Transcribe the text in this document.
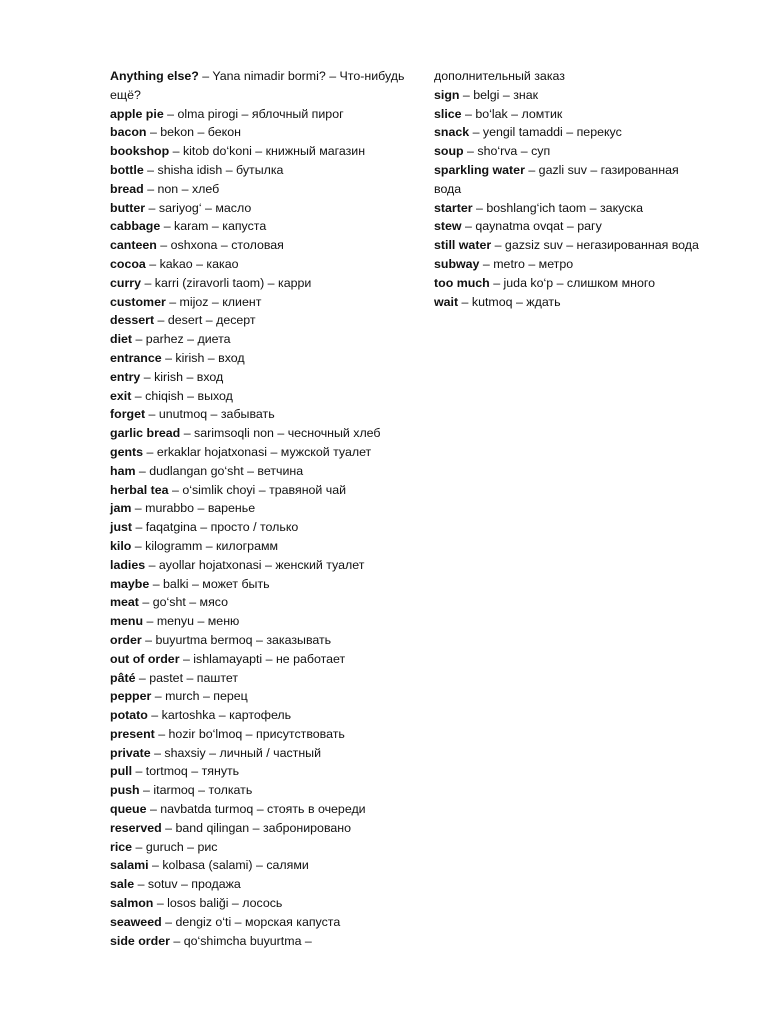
Anything else? – Yana nimadir bormi? – Что-нибудь ещё?

apple pie – olma pirogi – яблочный пирог

bacon – bekon – бекон

bookshop – kitob do‘koni – книжный магазин

bottle – shisha idish – бутылка

bread – non – хлеб

butter – sariyog‘ – масло

cabbage – karam – капуста

canteen – oshxona – столовая

cocoa – kakao – какао

curry – karri (ziravorli taom) – карри

customer – mijoz – клиент

dessert – desert – десерт

diet – parhez – диета

entrance – kirish – вход

entry – kirish – вход

exit – chiqish – выход

forget – unutmoq – забывать

garlic bread – sarimsoqli non – чесночный хлеб

gents – erkaklar hojatxonasi – мужской туалет

ham – dudlangan go‘sht – ветчина

herbal tea – o‘simlik choyi – травяной чай

jam – murabbo – варенье

just – faqatgina – просто / только

kilo – kilogramm – килограмм

ladies – ayollar hojatxonasi – женский туалет

maybe – balki – может быть

meat – go‘sht – мясо

menu – menyu – меню

order – buyurtma bermoq – заказывать

out of order – ishlamayapti – не работает

pâté – pastet – паштет

pepper – murch – перец

potato – kartoshka – картофель

present – hozir bo‘lmoq – присутствовать

private – shaxsiy – личный / частный

pull – tortmoq – тянуть

push – itarmoq – толкать

queue – navbatda turmoq – стоять в очереди

reserved – band qilingan – забронировано

rice – guruch – рис

salami – kolbasa (salami) – салями

sale – sotuv – продажа

salmon – losos baliği – лосось

seaweed – dengiz o‘ti – морская капуста

side order – qo‘shimcha buyurtma –

дополнительный заказ

sign – belgi – знак

slice – bo‘lak – ломтик

snack – yengil tamaddi – перекус

soup – sho‘rva – суп

sparkling water – gazli suv – газированная вода

starter – boshlang‘ich taom – закуска

stew – qaynatma ovqat – рагу

still water – gazsiz suv – негазированная вода

subway – metro – метро

too much – juda ko‘p – слишком много

wait – kutmoq – ждать
